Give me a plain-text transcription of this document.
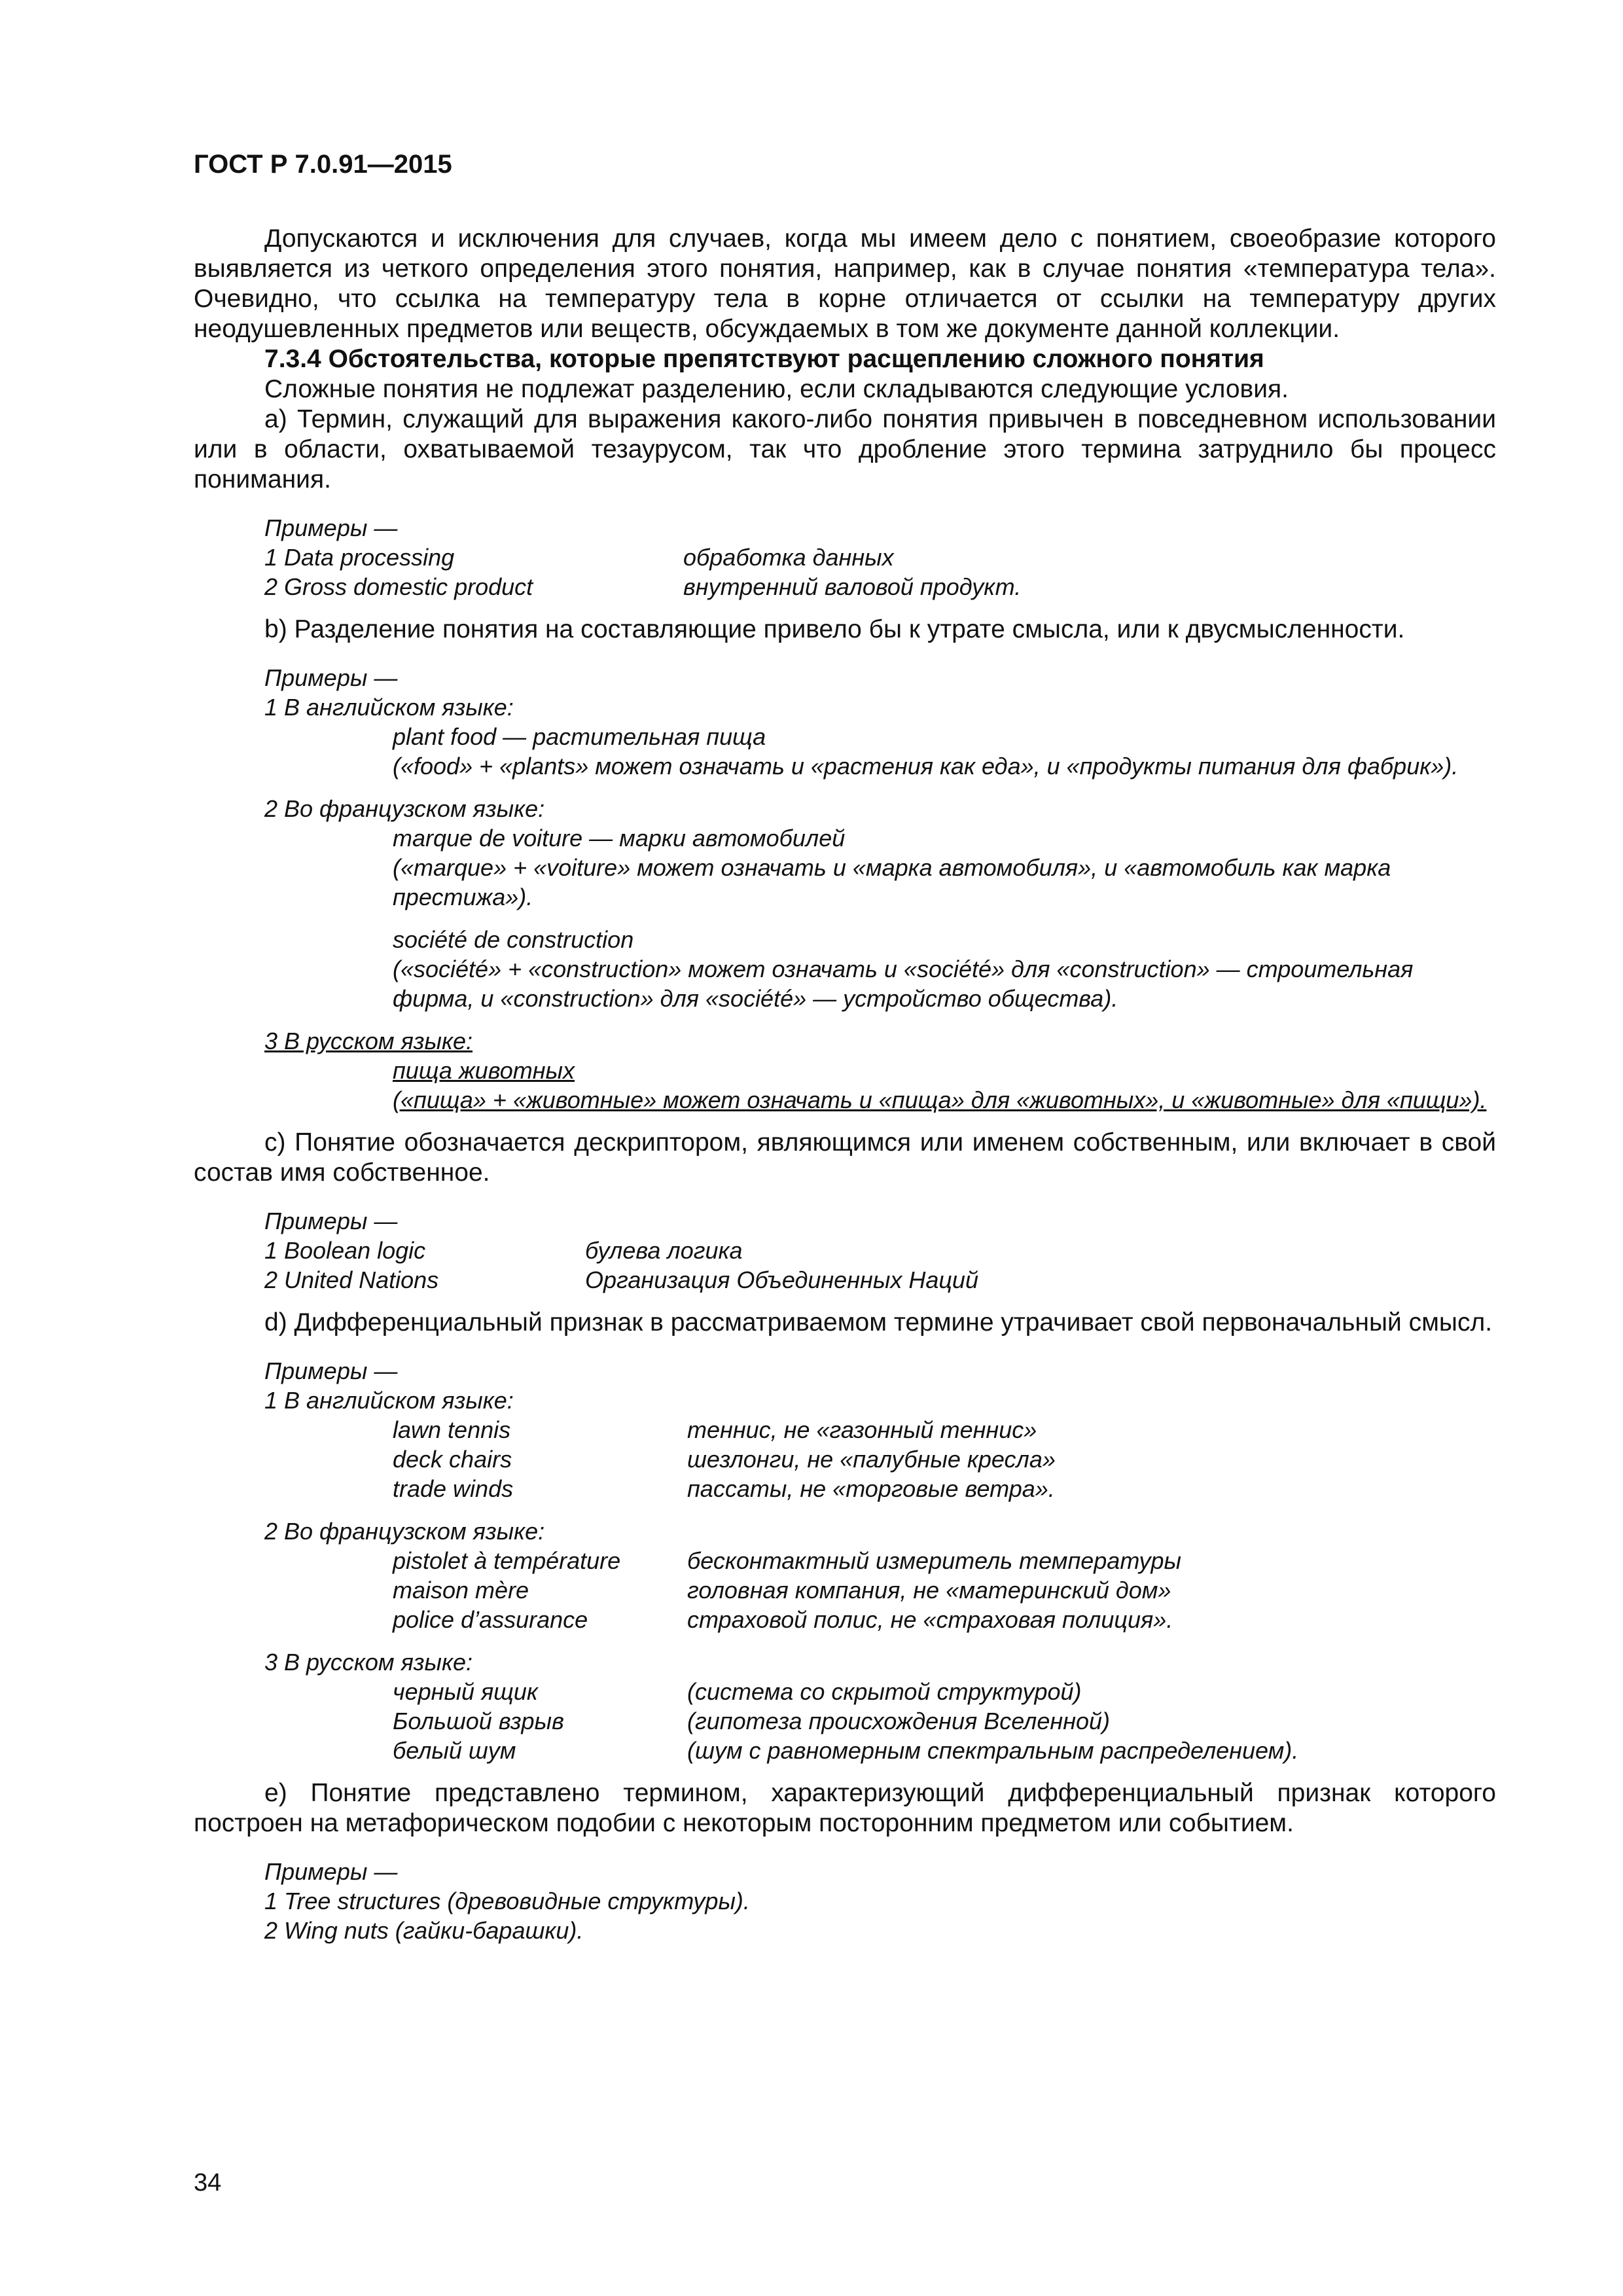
ГОСТ Р 7.0.91—2015

Допускаются и исключения для случаев, когда мы имеем дело с понятием, своеобразие которого выявляется из четкого определения этого понятия, например, как в случае понятия «температура тела». Очевидно, что ссылка на температуру тела в корне отличается от ссылки на температуру других неодушевленных предметов или веществ, обсуждаемых в том же документе данной коллекции.

7.3.4 Обстоятельства, которые препятствуют расщеплению сложного понятия

Сложные понятия не подлежат разделению, если складываются следующие условия.

а) Термин, служащий для выражения какого-либо понятия привычен в повседневном использовании или в области, охватываемой тезаурусом, так что дробление этого термина затруднило бы процесс понимания.

Примеры —
1 Data processing	обработка данных
2 Gross domestic product	внутренний валовой продукт.

b) Разделение понятия на составляющие привело бы к утрате смысла, или к двусмысленности.

Примеры —
1 В английском языке:
plant food — растительная пища
(«food» + «plants» может означать и «растения как еда», и «продукты питания для фабрик»).
2 Во французском языке:
marque de voiture — марки автомобилей
(«marque» + «voiture» может означать и «марка автомобиля», и «автомобиль как марка престижа»).
société de construction
(«société» + «construction» может означать и «société» для «construction» — строительная фирма, и «construction» для «société» — устройство общества).
3 В русском языке:
пища животных
(«пища» + «животные» может означать и «пища» для «животных», и «животные» для «пищи»).

с) Понятие обозначается дескриптором, являющимся или именем собственным, или включает в свой состав имя собственное.

Примеры —
1 Boolean logic	булева логика
2 United Nations	Организация Объединенных Наций

d) Дифференциальный признак в рассматриваемом термине утрачивает свой первоначальный смысл.

Примеры —
1 В английском языке:
lawn tennis	теннис, не «газонный теннис»
deck chairs	шезлонги, не «палубные кресла»
trade winds	пассаты, не «торговые ветра».
2 Во французском языке:
pistolet à température	бесконтактный измеритель температуры
maison mère	головная компания, не «материнский дом»
police d’assurance	страховой полис, не «страховая полиция».
3 В русском языке:
черный ящик	(система со скрытой структурой)
Большой взрыв	(гипотеза происхождения Вселенной)
белый шум	(шум с равномерным спектральным распределением).

е) Понятие представлено термином, характеризующий дифференциальный признак которого построен на метафорическом подобии с некоторым посторонним предметом или событием.

Примеры —
1 Tree structures (древовидные структуры).
2 Wing nuts (гайки-барашки).
34
